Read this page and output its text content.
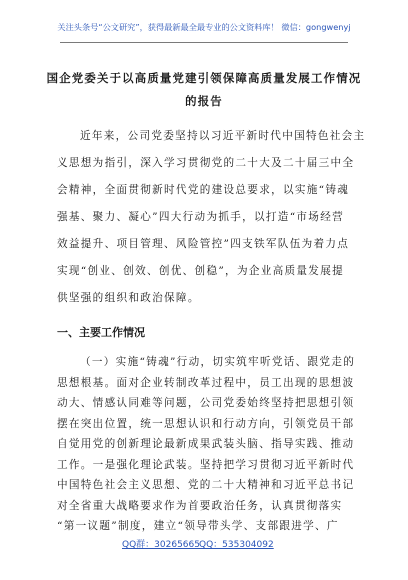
关注头条号“公文研究”，获得最新最全最专业的公文资料库！ 微信：gongwenyj
国企党委关于以高质量党建引领保障高质量发展工作情况
的报告
近年来，公司党委坚持以习近平新时代中国特色社会主
义思想为指引，深入学习贯彻党的二十大及二十届三中全
会精神，全面贯彻新时代党的建设总要求，以实施“铸魂
强基、聚力、凝心”四大行动为抓手，以打造“市场经营
效益提升、项目管理、风险管控”四支铁军队伍为着力点
实现“创业、创效、创优、创稳”，为企业高质量发展提
供坚强的组织和政治保障。
一、主要工作情况
（一）实施“铸魂”行动，切实筑牢听党话、跟党走的
思想根基。面对企业转制改革过程中，员工出现的思想波
动大、情感认同难等问题，公司党委始终坚持把思想引领
摆在突出位置，统一思想认识和行动方向，引领党员干部
自觉用党的创新理论最新成果武装头脑、指导实践、推动
工作。一是强化理论武装。坚持把学习贯彻习近平新时代
中国特色社会主义思想、党的二十大精神和习近平总书记
对全省重大战略要求作为首要政治任务，认真贯彻落实
“第一议题”制度，建立“领导带头学、支部跟进学、广
QQ群：30265665 QQ：535304092
